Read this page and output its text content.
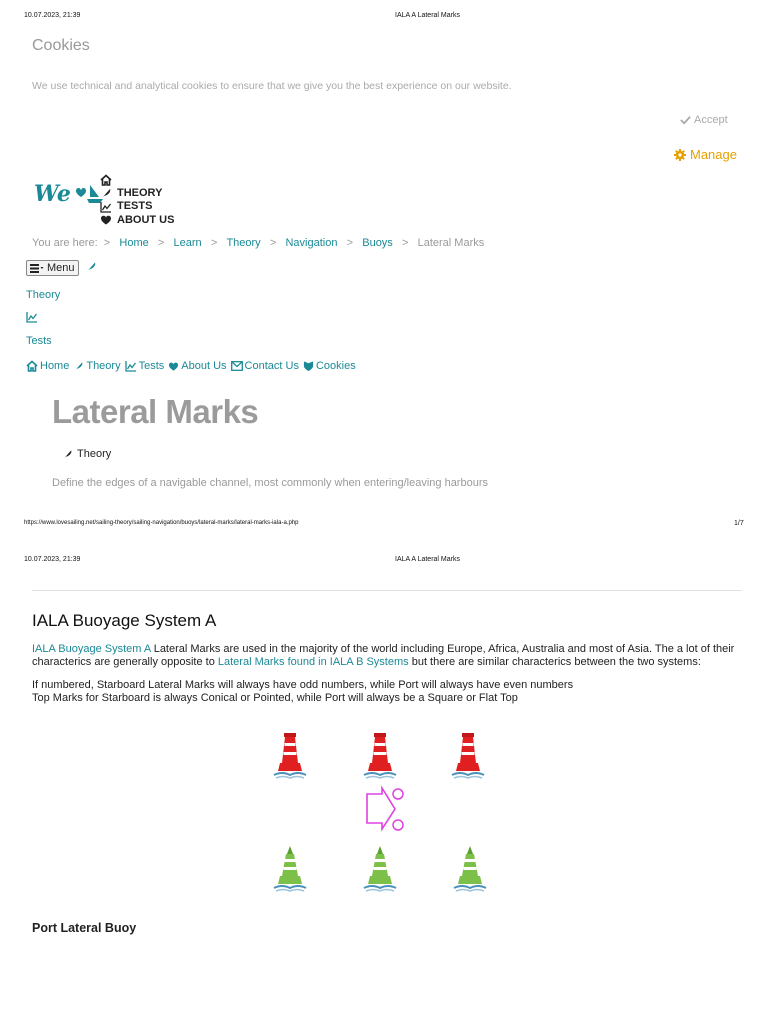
10.07.2023, 21:39	IALA A Lateral Marks
Cookies
We use technical and analytical cookies to ensure that we give you the best experience on our website.
Accept
Manage
We	THEORY
TESTS
ABOUT US
You are here:
>
Home
>
Learn
>
Theory
>
Navigation
>
Buoys
>
Lateral Marks
Menu
Theory
Tests
Home Theory Tests About Us Contact Us Cookies
Lateral Marks
Theory
Define the edges of a navigable channel, most commonly when entering/leaving harbours
https://www.lovesailing.net/sailing-theory/sailing-navigation/buoys/lateral-marks/lateral-marks-iala-a.php	1/7
10.07.2023, 21:39	IALA A Lateral Marks
IALA Buoyage System A
IALA Buoyage System A Lateral Marks are used in the majority of the world including Europe, Africa, Australia and most of Asia. The a lot of their characterics are generally opposite to Lateral Marks found in IALA B Systems but there are similar characterics between the two systems:
If numbered, Starboard Lateral Marks will always have odd numbers, while Port will always have even numbers
Top Marks for Starboard is always Conical or Pointed, while Port will always be a Square or Flat Top
Port Lateral Buoy
